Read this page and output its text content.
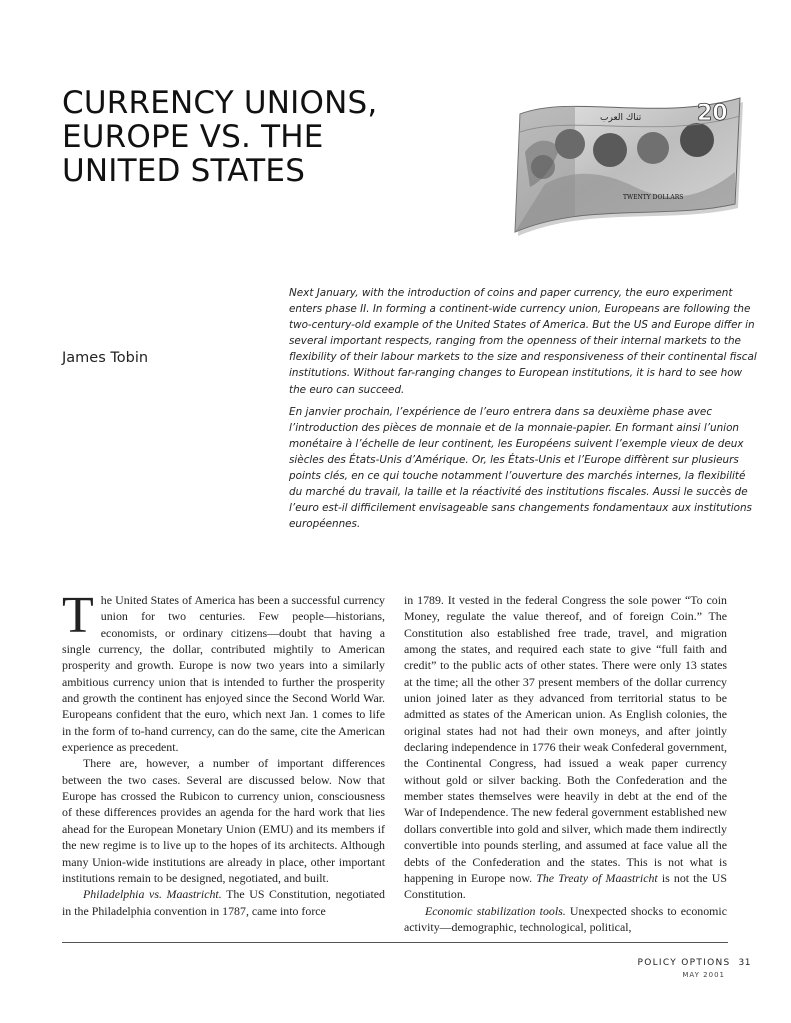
CURRENCY UNIONS, EUROPE VS. THE UNITED STATES
20
تناك العرب
TWENTY DOLLARS

James Tobin

Next January, with the introduction of coins and paper currency, the euro experiment enters phase II. In forming a continent-wide currency union, Europeans are following the two-century-old example of the United States of America. But the US and Europe differ in several important respects, ranging from the openness of their internal markets to the flexibility of their labour markets to the size and responsiveness of their continental fiscal institutions. Without far-ranging changes to European institutions, it is hard to see how the euro can succeed.

En janvier prochain, l’expérience de l’euro entrera dans sa deuxième phase avec l’introduction des pièces de monnaie et de la monnaie-papier. En formant ainsi l’union monétaire à l’échelle de leur continent, les Européens suivent l’exemple vieux de deux siècles des États-Unis d’Amérique. Or, les États-Unis et l’Europe diffèrent sur plusieurs points clés, en ce qui touche notamment l’ouverture des marchés internes, la flexibilité du marché du travail, la taille et la réactivité des institutions fiscales. Aussi le succès de l’euro est-il difficilement envisageable sans changements fondamentaux aux institutions européennes.

The United States of America has been a successful currency union for two centuries. Few people—historians, economists, or ordinary citizens—doubt that having a single currency, the dollar, contributed mightily to American prosperity and growth. Europe is now two years into a similarly ambitious currency union that is intended to further the prosperity and growth the continent has enjoyed since the Second World War. Europeans confident that the euro, which next Jan. 1 comes to life in the form of to-hand currency, can do the same, cite the American experience as precedent.

There are, however, a number of important differences between the two cases. Several are discussed below. Now that Europe has crossed the Rubicon to currency union, consciousness of these differences provides an agenda for the hard work that lies ahead for the European Monetary Union (EMU) and its members if the new regime is to live up to the hopes of its architects. Although many Union-wide institutions are already in place, other important institutions remain to be designed, negotiated, and built.

Philadelphia vs. Maastricht. The US Constitution, negotiated in the Philadelphia convention in 1787, came into force

in 1789. It vested in the federal Congress the sole power “To coin Money, regulate the value thereof, and of foreign Coin.” The Constitution also established free trade, travel, and migration among the states, and required each state to give “full faith and credit” to the public acts of other states. There were only 13 states at the time; all the other 37 present members of the dollar currency union joined later as they advanced from territorial status to be admitted as states of the American union. As English colonies, the original states had not had their own moneys, and after jointly declaring independence in 1776 their weak Confederal government, the Continental Congress, had issued a weak paper currency without gold or silver backing. Both the Confederation and the member states themselves were heavily in debt at the end of the War of Independence. The new federal government established new dollars convertible into gold and silver, which made them indirectly convertible into pounds sterling, and assumed at face value all the debts of the Confederation and the states. This is not what is happening in Europe now. The Treaty of Maastricht is not the US Constitution.

Economic stabilization tools. Unexpected shocks to economic activity—demographic, technological, political,

POLICY OPTIONS 31
MAY 2001
